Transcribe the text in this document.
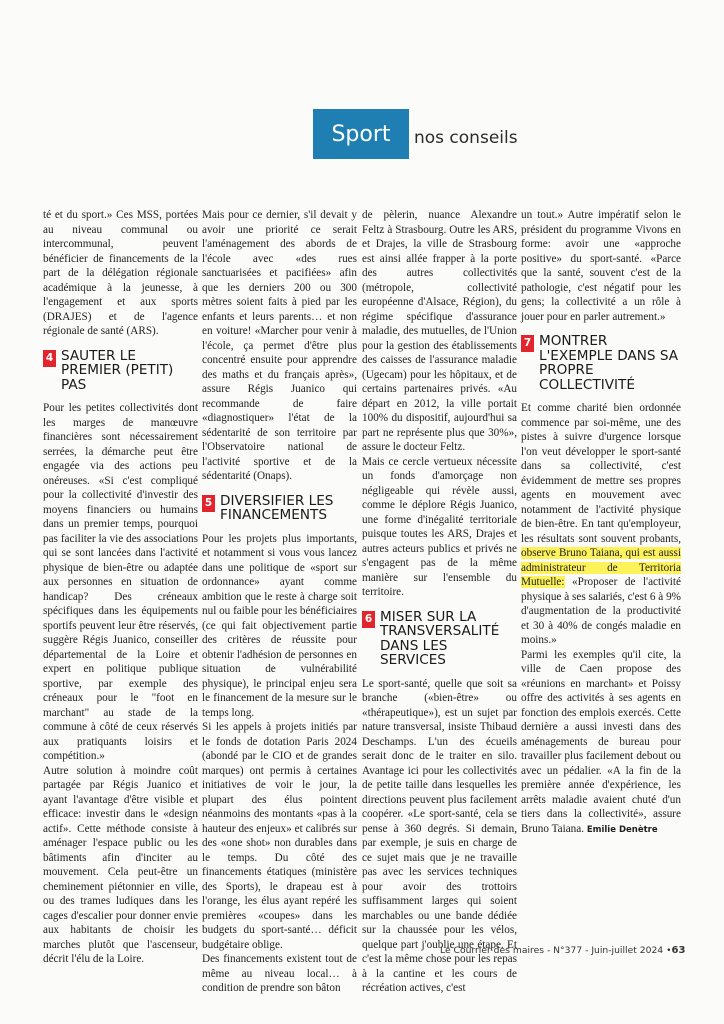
Sport	nos conseils

té et du sport.» Ces MSS, portées au niveau communal ou intercommunal, peuvent bénéficier de financements de la part de la délégation régionale académique à la jeunesse, à l'engagement et aux sports (DRAJES) et de l'agence régionale de santé (ARS).

4 SAUTER LE PREMIER (PETIT) PAS

Pour les petites collectivités dont les marges de manœuvre financières sont nécessairement serrées, la démarche peut être engagée via des actions peu onéreuses. «Si c'est compliqué pour la collectivité d'investir des moyens financiers ou humains dans un premier temps, pourquoi pas faciliter la vie des associations qui se sont lancées dans l'activité physique de bien-être ou adaptée aux personnes en situation de handicap? Des créneaux spécifiques dans les équipements sportifs peuvent leur être réservés, suggère Régis Juanico, conseiller départemental de la Loire et expert en politique publique sportive, par exemple des créneaux pour le "foot en marchant" au stade de la commune à côté de ceux réservés aux pratiquants loisirs et compétition.»

Autre solution à moindre coût partagée par Régis Juanico et ayant l'avantage d'être visible et efficace: investir dans le «design actif». Cette méthode consiste à aménager l'espace public ou les bâtiments afin d'inciter au mouvement. Cela peut-être un cheminement piétonnier en ville, ou des trames ludiques dans les cages d'escalier pour donner envie aux habitants de choisir les marches plutôt que l'ascenseur, décrit l'élu de la Loire.

Mais pour ce dernier, s'il devait y avoir une priorité ce serait l'aménagement des abords de l'école avec «des rues sanctuarisées et pacifiées» afin que les derniers 200 ou 300 mètres soient faits à pied par les enfants et leurs parents… et non en voiture! «Marcher pour venir à l'école, ça permet d'être plus concentré ensuite pour apprendre des maths et du français après», assure Régis Juanico qui recommande de faire «diagnostiquer» l'état de la sédentarité de son territoire par l'Observatoire national de l'activité sportive et de la sédentarité (Onaps).

5 DIVERSIFIER LES FINANCEMENTS

Pour les projets plus importants, et notamment si vous vous lancez dans une politique de «sport sur ordonnance» ayant comme ambition que le reste à charge soit nul ou faible pour les bénéficiaires (ce qui fait objectivement partie des critères de réussite pour obtenir l'adhésion de personnes en situation de vulnérabilité physique), le principal enjeu sera le financement de la mesure sur le temps long.

Si les appels à projets initiés par le fonds de dotation Paris 2024 (abondé par le CIO et de grandes marques) ont permis à certaines initiatives de voir le jour, la plupart des élus pointent néanmoins des montants «pas à la hauteur des enjeux» et calibrés sur des «one shot» non durables dans le temps. Du côté des financements étatiques (ministère des Sports), le drapeau est à l'orange, les élus ayant repéré les premières «coupes» dans les budgets du sport-santé… déficit budgétaire oblige.

Des financements existent tout de même au niveau local… à condition de prendre son bâton

de pèlerin, nuance Alexandre Feltz à Strasbourg. Outre les ARS, et Drajes, la ville de Strasbourg est ainsi allée frapper à la porte des autres collectivités (métropole, collectivité européenne d'Alsace, Région), du régime spécifique d'assurance maladie, des mutuelles, de l'Union pour la gestion des établissements des caisses de l'assurance maladie (Ugecam) pour les hôpitaux, et de certains partenaires privés. «Au départ en 2012, la ville portait 100% du dispositif, aujourd'hui sa part ne représente plus que 30%», assure le docteur Feltz.

Mais ce cercle vertueux nécessite un fonds d'amorçage non négligeable qui révèle aussi, comme le déplore Régis Juanico, une forme d'inégalité territoriale puisque toutes les ARS, Drajes et autres acteurs publics et privés ne s'engagent pas de la même manière sur l'ensemble du territoire.

6 MISER SUR LA TRANSVERSALITÉ DANS LES SERVICES

Le sport-santé, quelle que soit sa branche («bien-être» ou «thérapeutique»), est un sujet par nature transversal, insiste Thibaud Deschamps. L'un des écueils serait donc de le traiter en silo. Avantage ici pour les collectivités de petite taille dans lesquelles les directions peuvent plus facilement coopérer. «Le sport-santé, cela se pense à 360 degrés. Si demain, par exemple, je suis en charge de ce sujet mais que je ne travaille pas avec les services techniques pour avoir des trottoirs suffisamment larges qui soient marchables ou une bande dédiée sur la chaussée pour les vélos, quelque part j'oublie une étape. Et c'est la même chose pour les repas à la cantine et les cours de récréation actives, c'est

un tout.» Autre impératif selon le président du programme Vivons en forme: avoir une «approche positive» du sport-santé. «Parce que la santé, souvent c'est de la pathologie, c'est négatif pour les gens; la collectivité a un rôle à jouer pour en parler autrement.»

7 MONTRER L'EXEMPLE DANS SA PROPRE COLLECTIVITÉ

Et comme charité bien ordonnée commence par soi-même, une des pistes à suivre d'urgence lorsque l'on veut développer le sport-santé dans sa collectivité, c'est évidemment de mettre ses propres agents en mouvement avec notamment de l'activité physique de bien-être. En tant qu'employeur, les résultats sont souvent probants, observe Bruno Taiana, qui est aussi administrateur de Territoria Mutuelle: «Proposer de l'activité physique à ses salariés, c'est 6 à 9% d'augmentation de la productivité et 30 à 40% de congés maladie en moins.»

Parmi les exemples qu'il cite, la ville de Caen propose des «réunions en marchant» et Poissy offre des activités à ses agents en fonction des emplois exercés. Cette dernière a aussi investi dans des aménagements de bureau pour travailler plus facilement debout ou avec un pédalier. «A la fin de la première année d'expérience, les arrêts maladie avaient chuté d'un tiers dans la collectivité», assure Bruno Taiana. Emilie Denètre

Le Courrier des maires - N°377 - Juin-juillet 2024 •63
